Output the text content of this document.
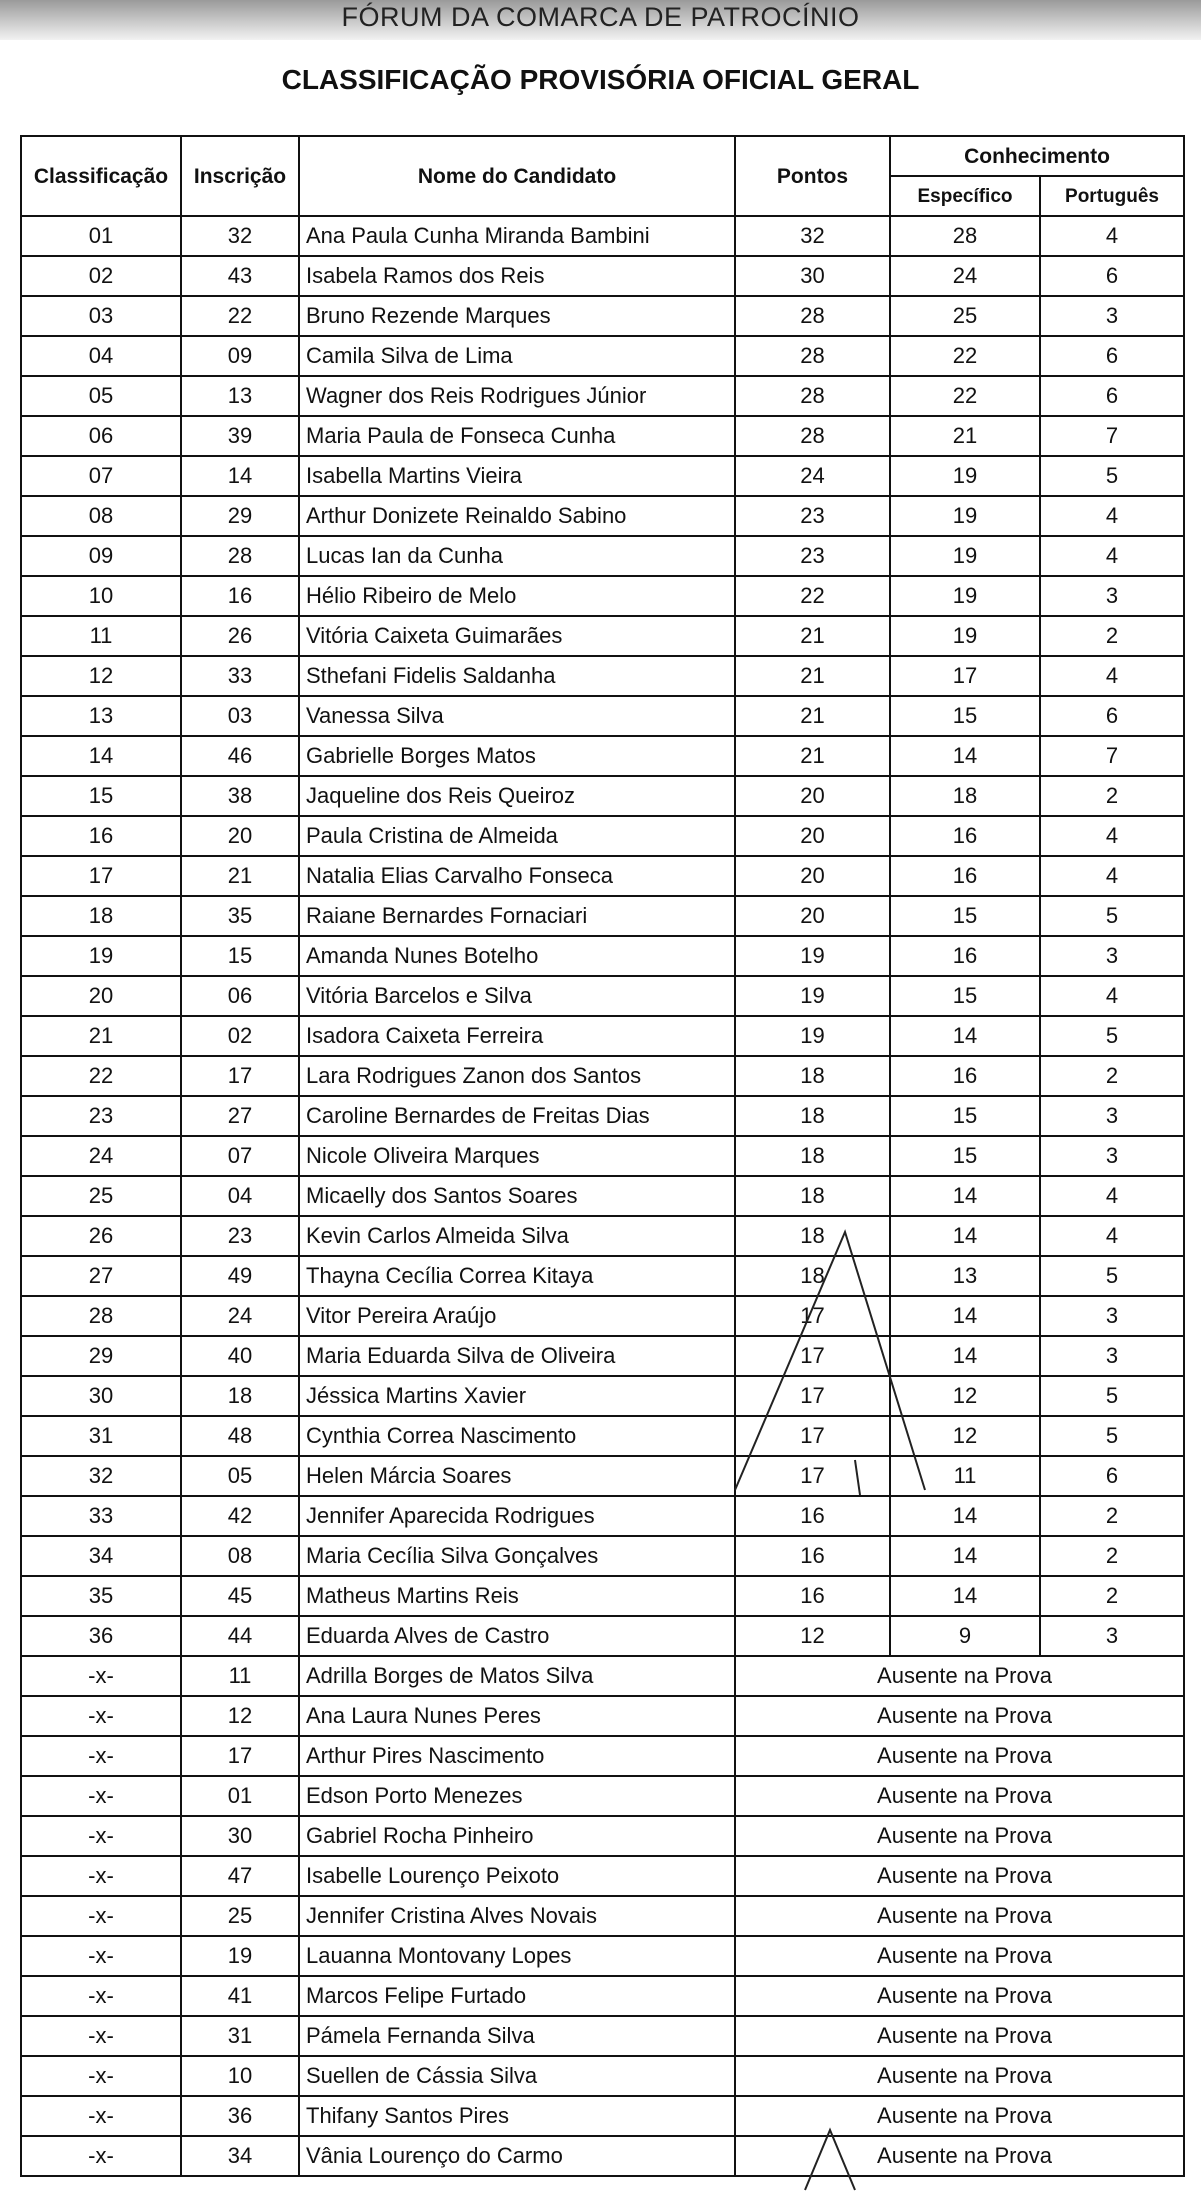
FÓRUM DA COMARCA DE PATROCÍNIO
CLASSIFICAÇÃO PROVISÓRIA OFICIAL GERAL
Classificação	Inscrição	Nome do Candidato	Pontos	Conhecimento	
				Específico	Português
01	32	Ana Paula Cunha Miranda Bambini	32	28	4
02	43	Isabela Ramos dos Reis	30	24	6
03	22	Bruno Rezende Marques	28	25	3
04	09	Camila Silva de Lima	28	22	6
05	13	Wagner dos Reis Rodrigues Júnior	28	22	6
06	39	Maria Paula de Fonseca Cunha	28	21	7
07	14	Isabella Martins Vieira	24	19	5
08	29	Arthur Donizete Reinaldo Sabino	23	19	4
09	28	Lucas Ian da Cunha	23	19	4
10	16	Hélio Ribeiro de Melo	22	19	3
11	26	Vitória Caixeta Guimarães	21	19	2
12	33	Sthefani Fidelis Saldanha	21	17	4
13	03	Vanessa Silva	21	15	6
14	46	Gabrielle Borges Matos	21	14	7
15	38	Jaqueline dos Reis Queiroz	20	18	2
16	20	Paula Cristina de Almeida	20	16	4
17	21	Natalia Elias Carvalho Fonseca	20	16	4
18	35	Raiane Bernardes Fornaciari	20	15	5
19	15	Amanda Nunes Botelho	19	16	3
20	06	Vitória Barcelos e Silva	19	15	4
21	02	Isadora Caixeta Ferreira	19	14	5
22	17	Lara Rodrigues Zanon dos Santos	18	16	2
23	27	Caroline Bernardes de Freitas Dias	18	15	3
24	07	Nicole Oliveira Marques	18	15	3
25	04	Micaelly dos Santos Soares	18	14	4
26	23	Kevin Carlos Almeida Silva	18	14	4
27	49	Thayna Cecília Correa Kitaya	18	13	5
28	24	Vitor Pereira Araújo	17	14	3
29	40	Maria Eduarda Silva de Oliveira	17	14	3
30	18	Jéssica Martins Xavier	17	12	5
31	48	Cynthia Correa Nascimento	17	12	5
32	05	Helen Márcia Soares	17	11	6
33	42	Jennifer Aparecida Rodrigues	16	14	2
34	08	Maria Cecília Silva Gonçalves	16	14	2
35	45	Matheus Martins Reis	16	14	2
36	44	Eduarda Alves de Castro	12	9	3
-x-	11	Adrilla Borges de Matos Silva	Ausente na Prova		
-x-	12	Ana Laura Nunes Peres	Ausente na Prova		
-x-	17	Arthur Pires Nascimento	Ausente na Prova		
-x-	01	Edson Porto Menezes	Ausente na Prova		
-x-	30	Gabriel Rocha Pinheiro	Ausente na Prova		
-x-	47	Isabelle Lourenço Peixoto	Ausente na Prova		
-x-	25	Jennifer Cristina Alves Novais	Ausente na Prova		
-x-	19	Lauanna Montovany Lopes	Ausente na Prova		
-x-	41	Marcos Felipe Furtado	Ausente na Prova		
-x-	31	Pámela Fernanda Silva	Ausente na Prova		
-x-	10	Suellen de Cássia Silva	Ausente na Prova		
-x-	36	Thifany Santos Pires	Ausente na Prova		
-x-	34	Vânia Lourenço do Carmo	Ausente na Prova		
